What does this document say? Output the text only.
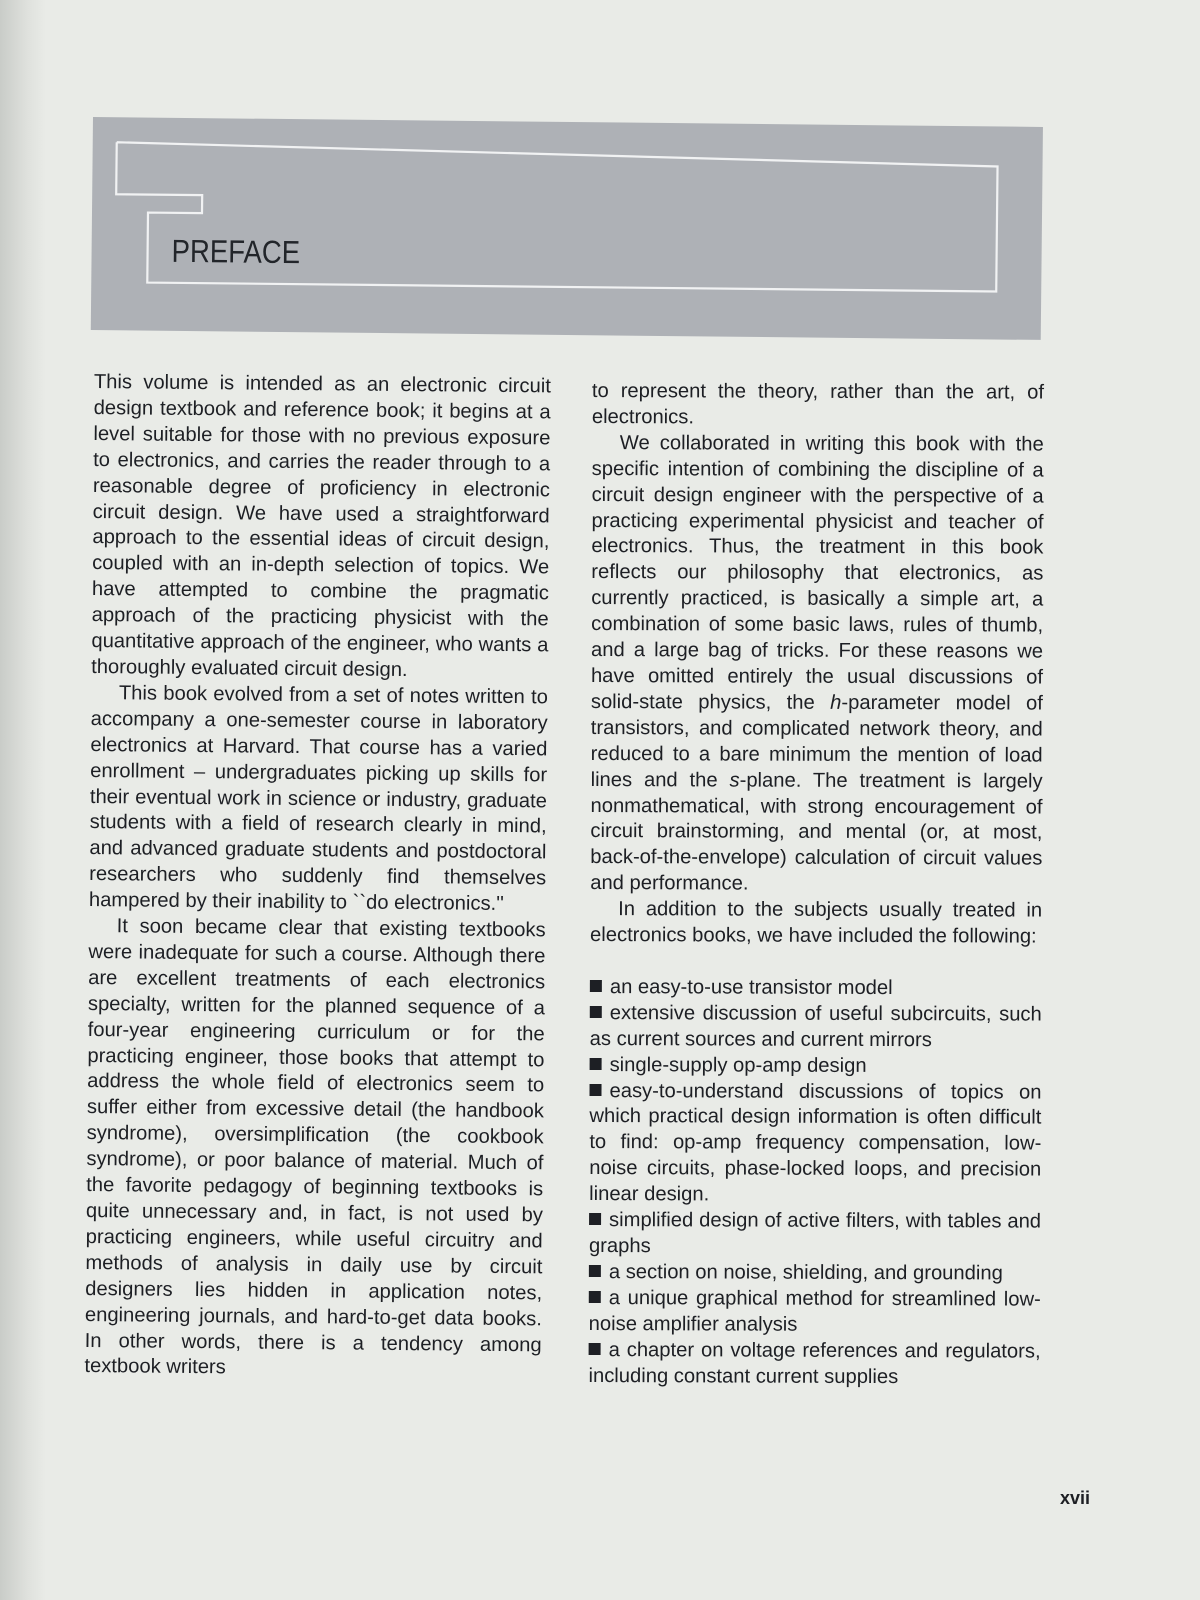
PREFACE

This volume is intended as an electronic circuit design textbook and reference book; it begins at a level suitable for those with no previous exposure to electronics, and carries the reader through to a reasonable degree of proficiency in electronic circuit design. We have used a straightforward approach to the essential ideas of circuit design, coupled with an in-depth selection of topics. We have attempted to combine the pragmatic approach of the practicing physicist with the quantitative approach of the engineer, who wants a thoroughly evaluated circuit design.

This book evolved from a set of notes written to accompany a one-semester course in laboratory electronics at Harvard. That course has a varied enrollment – undergraduates picking up skills for their eventual work in science or industry, graduate students with a field of research clearly in mind, and advanced graduate students and postdoctoral researchers who suddenly find themselves hampered by their inability to ``do electronics.''

It soon became clear that existing textbooks were inadequate for such a course. Although there are excellent treatments of each electronics specialty, written for the planned sequence of a four-year engineering curriculum or for the practicing engineer, those books that attempt to address the whole field of electronics seem to suffer either from excessive detail (the handbook syndrome), oversimplification (the cookbook syndrome), or poor balance of material. Much of the favorite pedagogy of beginning textbooks is quite unnecessary and, in fact, is not used by practicing engineers, while useful circuitry and methods of analysis in daily use by circuit designers lies hidden in application notes, engineering journals, and hard-to-get data books. In other words, there is a tendency among textbook writers

to represent the theory, rather than the art, of electronics.

We collaborated in writing this book with the specific intention of combining the discipline of a circuit design engineer with the perspective of a practicing experimental physicist and teacher of electronics. Thus, the treatment in this book reflects our philosophy that electronics, as currently practiced, is basically a simple art, a combination of some basic laws, rules of thumb, and a large bag of tricks. For these reasons we have omitted entirely the usual discussions of solid-state physics, the h-parameter model of transistors, and complicated network theory, and reduced to a bare minimum the mention of load lines and the s-plane. The treatment is largely nonmathematical, with strong encouragement of circuit brainstorming, and mental (or, at most, back-of-the-envelope) calculation of circuit values and performance.

In addition to the subjects usually treated in electronics books, we have included the following:

an easy-to-use transistor model
extensive discussion of useful subcircuits, such as current sources and current mirrors
single-supply op-amp design
easy-to-understand discussions of topics on which practical design information is often difficult to find: op-amp frequency compensation, low-noise circuits, phase-locked loops, and precision linear design.
simplified design of active filters, with tables and graphs
a section on noise, shielding, and grounding
a unique graphical method for streamlined low-noise amplifier analysis
a chapter on voltage references and regulators, including constant current supplies
xvii
